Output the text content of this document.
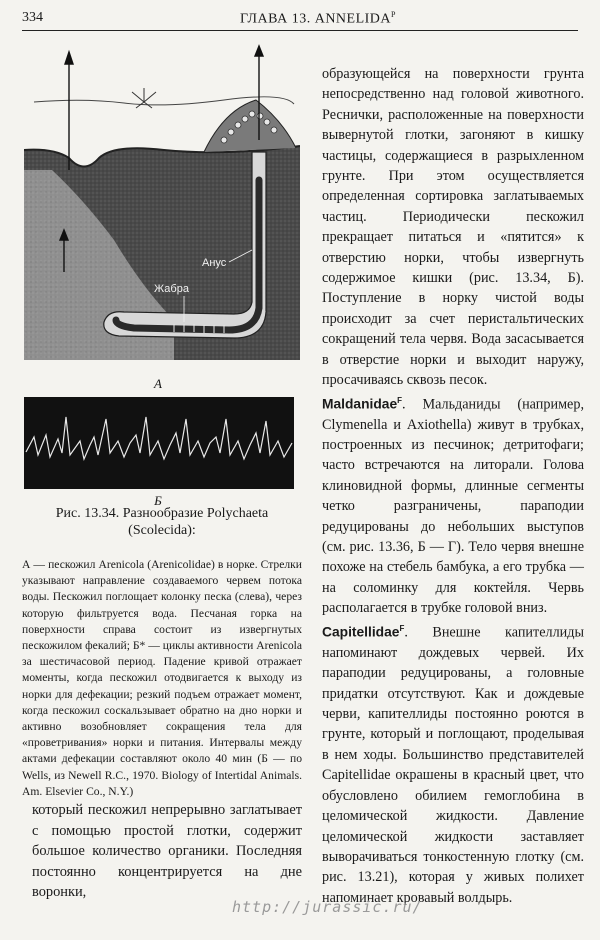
334	ГЛАВА 13. $ANNELIDA^P$
Анус
Жабра
А
Б
Рис. 13.34. Разнообразие Polychaeta (Scolecida):

А — пескожил Arenicola (Arenicolidae) в норке. Стрелки указывают направление создаваемого червем потока воды. Пескожил поглощает колонку песка (слева), через которую фильтруется вода. Песчаная горка на поверхности справа состоит из извергнутых пескожилом фекалий; Б* — циклы активности Arenicola за шестичасовой период. Падение кривой отражает моменты, когда пескожил отодвигается к выходу из норки для дефекации; резкий подъем отражает момент, когда пескожил соскальзывает обратно на дно норки и активно возобновляет сокращения тела для «проветривания» норки и питания. Интервалы между актами дефекации составляют около 40 мин (Б — по Wells, из Newell R.C., 1970. Biology of Intertidal Animals. Am. Elsevier Co., N.Y.)

который пескожил непрерывно заглатывает с помощью простой глотки, содержит большое количество органики. Последняя постоянно концентрируется на дне воронки,

образующейся на поверхности грунта непосредственно над головой животного. Реснички, расположенные на поверхности вывернутой глотки, загоняют в кишку частицы, содержащиеся в разрыхленном грунте. При этом осуществляется определенная сортировка заглатываемых частиц. Периодически пескожил прекращает питаться и «пятится» к отверстию норки, чтобы извергнуть содержимое кишки (рис. 13.34, Б). Поступление в норку чистой воды происходит за счет перистальтических сокращений тела червя. Вода засасывается в отверстие норки и выходит наружу, просачиваясь сквозь песок.

Maldanidae$^F$. Мальданиды (например, Clymenella и Axiothella) живут в трубках, построенных из песчинок; детритофаги; часто встречаются на литорали. Голова клиновидной формы, длинные сегменты четко разграничены, параподии редуцированы до небольших выступов (см. рис. 13.36, Б — Г). Тело червя внешне похоже на стебель бамбука, а его трубка — на соломинку для коктейля. Червь располагается в трубке головой вниз.

Capitellidae$^F$. Внешне капителлиды напоминают дождевых червей. Их параподии редуцированы, а головные придатки отсутствуют. Как и дождевые черви, капителлиды постоянно роются в грунте, который и поглощают, проделывая в нем ходы. Большинство представителей Capitellidae окрашены в красный цвет, что обусловлено обилием гемоглобина в целомической жидкости. Давление целомической жидкости заставляет выворачиваться тонкостенную глотку (см. рис. 13.21), которая у живых полихет напоминает кровавый волдырь.

http://jurassic.ru/
